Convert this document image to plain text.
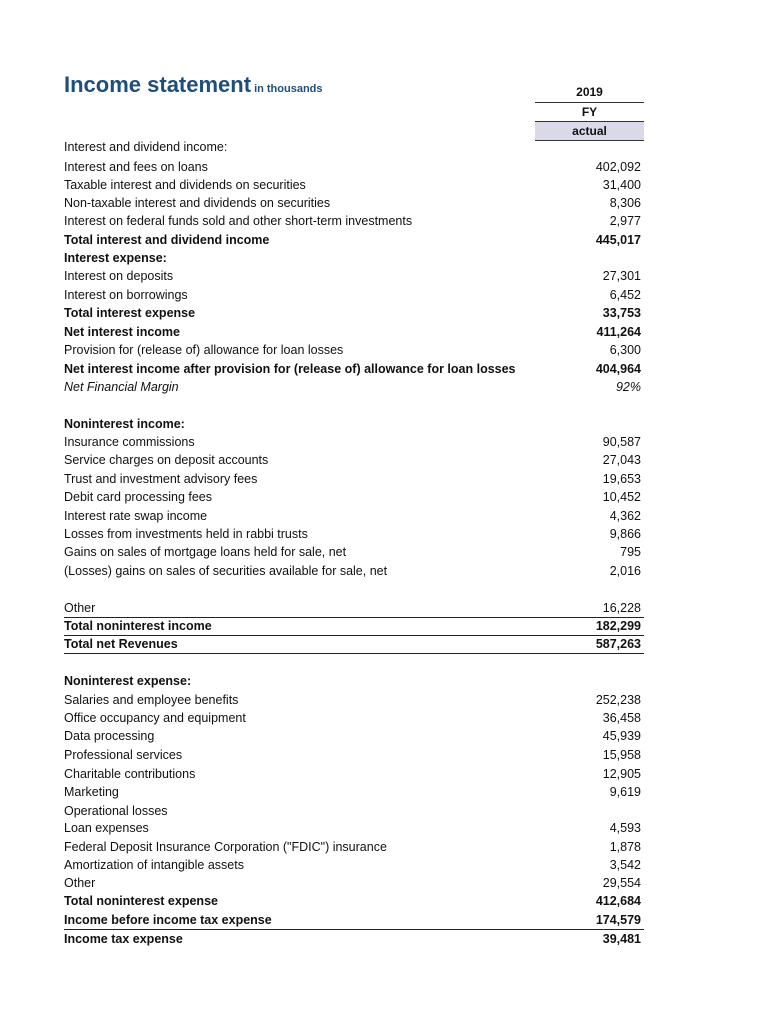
Income statement in thousands	2019
FY
actual
Interest and dividend income:
Interest and fees on loans	402,092
Taxable interest and dividends on securities	31,400
Non-taxable interest and dividends on securities	8,306
Interest on federal funds sold and other short-term investments	2,977
Total interest and dividend income	445,017
Interest expense:
Interest on deposits	27,301
Interest on borrowings	6,452
Total interest expense	33,753
Net interest income	411,264
Provision for (release of) allowance for loan losses	6,300
Net interest income after provision for (release of) allowance for loan losses	404,964
Net Financial Margin	92%
Noninterest income:
Insurance commissions	90,587
Service charges on deposit accounts	27,043
Trust and investment advisory fees	19,653
Debit card processing fees	10,452
Interest rate swap income	4,362
Losses from investments held in rabbi trusts	9,866
Gains on sales of mortgage loans held for sale, net	795
(Losses) gains on sales of securities available for sale, net	2,016
Other	16,228
Total noninterest income	182,299
Total net Revenues	587,263
Noninterest expense:
Salaries and employee benefits	252,238
Office occupancy and equipment	36,458
Data processing	45,939
Professional services	15,958
Charitable contributions	12,905
Marketing	9,619
Operational losses
Loan expenses	4,593
Federal Deposit Insurance Corporation ("FDIC") insurance	1,878
Amortization of intangible assets	3,542
Other	29,554
Total noninterest expense	412,684
Income before income tax expense	174,579
Income tax expense	39,481
